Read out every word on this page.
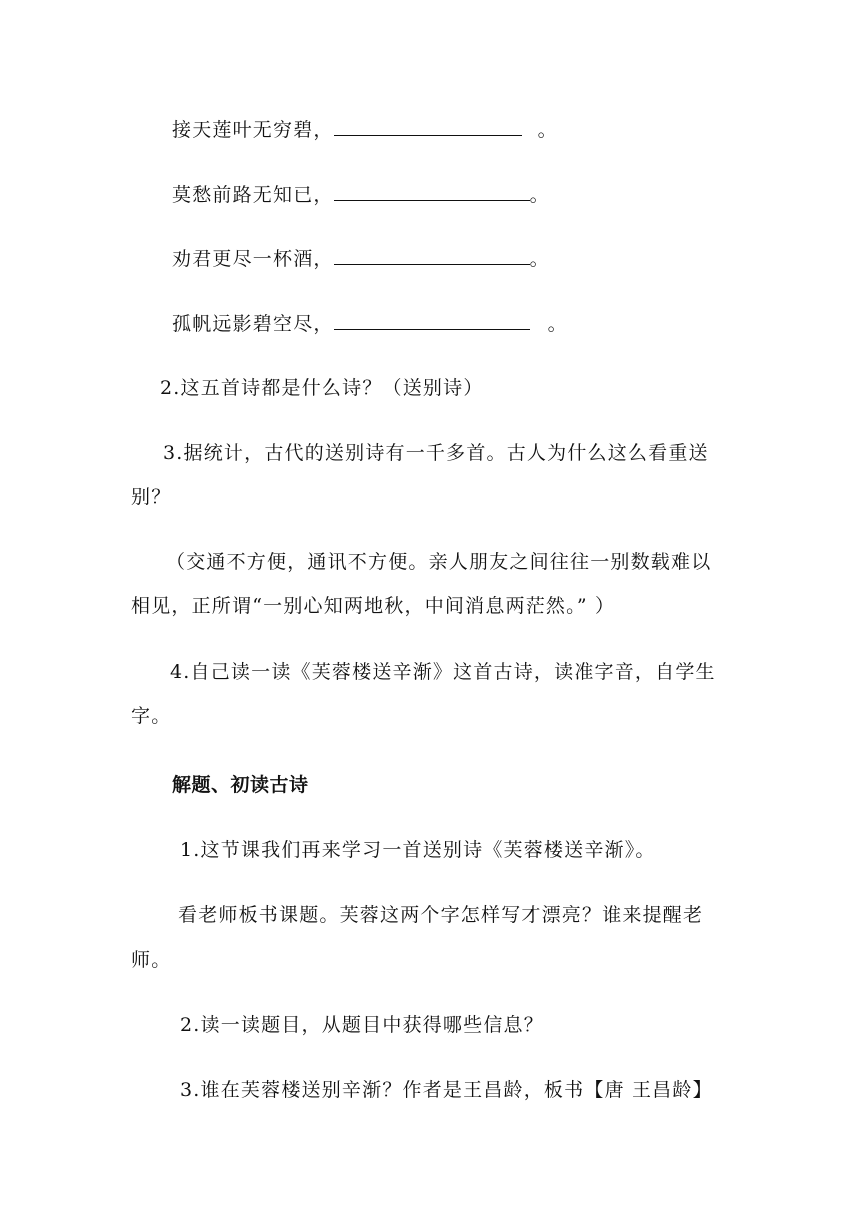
接天莲叶无穷碧，	。
莫愁前路无知已，	。
劝君更尽一杯酒，	。
孤帆远影碧空尽，	。
2.这五首诗都是什么诗？（送别诗）
3.据统计，古代的送别诗有一千多首。古人为什么这么看重送
别？
（交通不方便，通讯不方便。亲人朋友之间往往一别数载难以
相见，正所谓“一别心知两地秋，中间消息两茫然。” ）
4.自己读一读《芙蓉楼送辛渐》这首古诗，读准字音，自学生
字。
解题、初读古诗
1.这节课我们再来学习一首送别诗《芙蓉楼送辛渐》。
看老师板书课题。芙蓉这两个字怎样写才漂亮？谁来提醒老
师。
2.读一读题目，从题目中获得哪些信息？
3.谁在芙蓉楼送别辛渐？作者是王昌龄，板书【唐 王昌龄】
